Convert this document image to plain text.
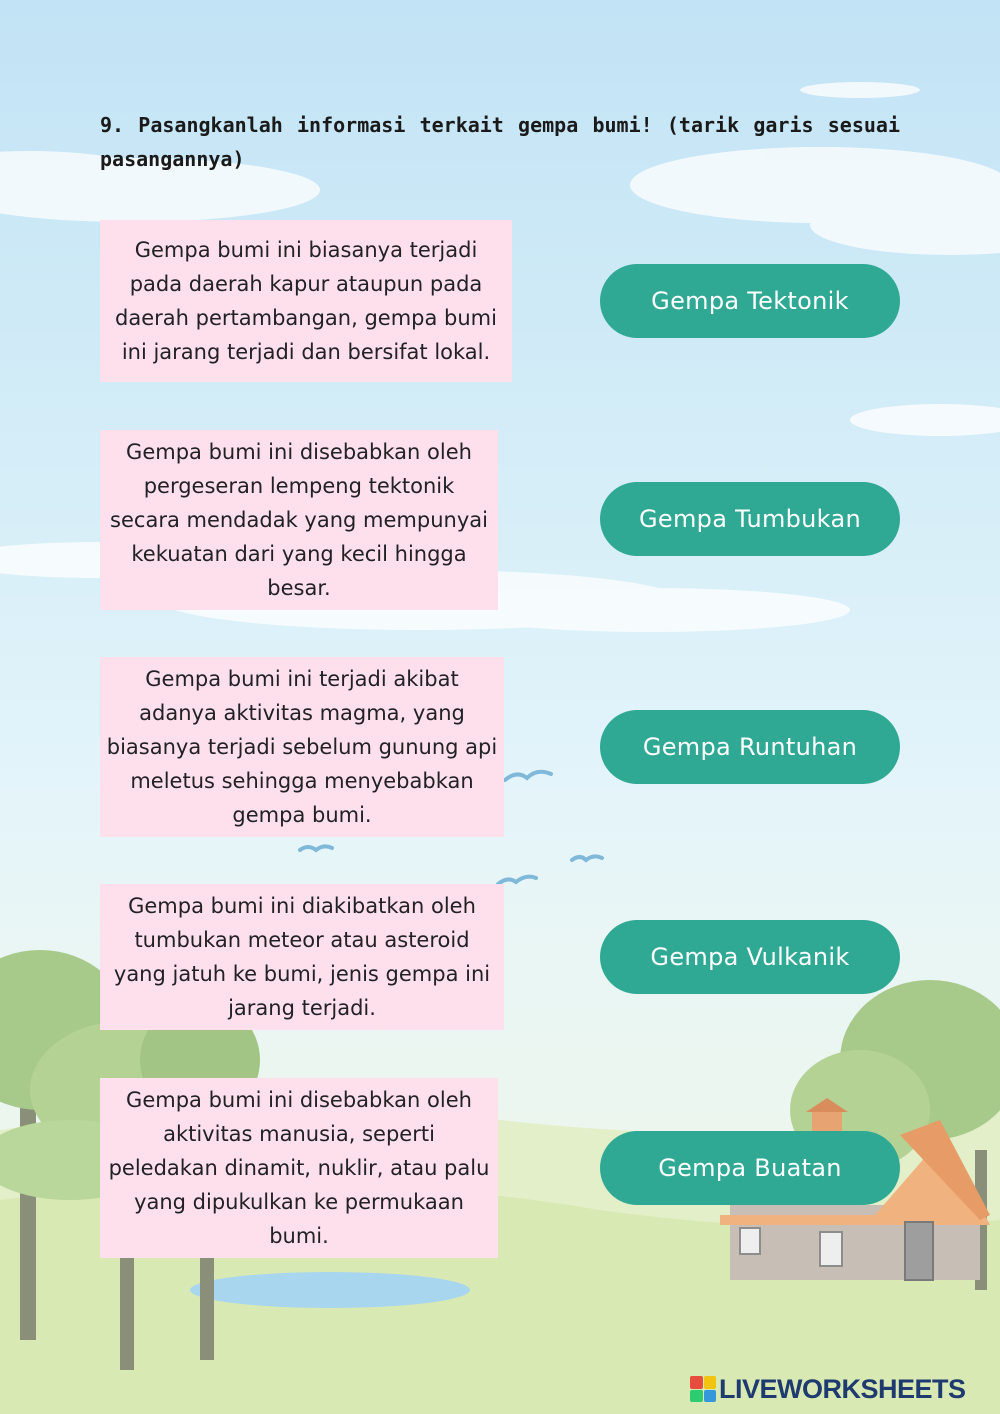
9. Pasangkanlah informasi terkait gempa bumi! (tarik garis sesuai pasangannya)
Gempa bumi ini biasanya terjadi pada daerah kapur ataupun pada daerah pertambangan, gempa bumi ini jarang terjadi dan bersifat lokal.
Gempa bumi ini disebabkan oleh pergeseran lempeng tektonik secara mendadak yang mempunyai kekuatan dari yang kecil hingga besar.
Gempa bumi ini terjadi akibat adanya aktivitas magma, yang biasanya terjadi sebelum gunung api meletus sehingga menyebabkan gempa bumi.
Gempa bumi ini diakibatkan oleh tumbukan meteor atau asteroid yang jatuh ke bumi, jenis gempa ini jarang terjadi.
Gempa bumi ini disebabkan oleh aktivitas manusia, seperti peledakan dinamit, nuklir, atau palu yang dipukulkan ke permukaan bumi.
Gempa Tektonik
Gempa Tumbukan
Gempa Runtuhan
Gempa Vulkanik
Gempa Buatan
LIVEWORKSHEETS
